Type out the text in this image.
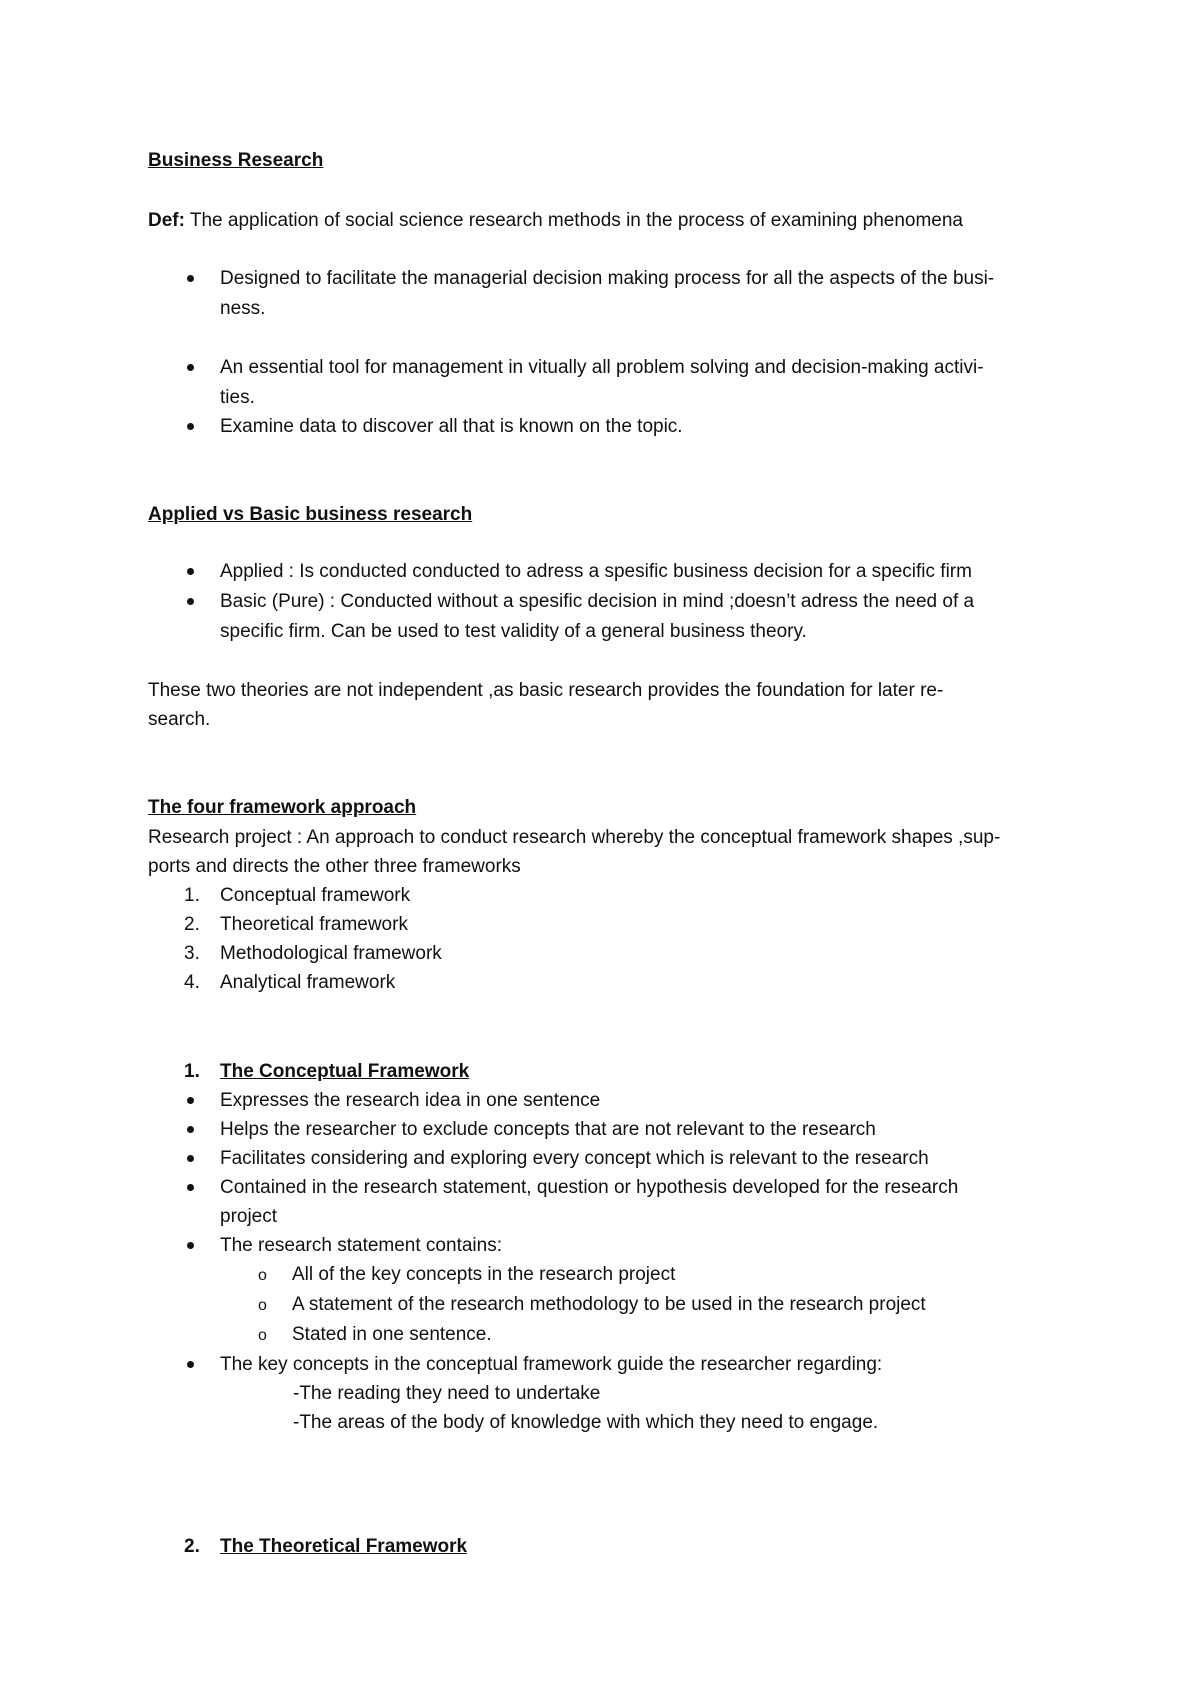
Business Research
Def: The application of social science research methods in the process of examining phenomena
Designed to facilitate the managerial decision making process for all the aspects of the busi-
ness.
An essential tool for management in vitually all problem solving and decision-making activi-
ties.
Examine data to discover all that is known on the topic.
Applied vs Basic business research
Applied : Is conducted conducted to adress a spesific business decision for a specific firm
Basic (Pure) : Conducted without a spesific decision in mind ;doesn’t adress the need of a
specific firm. Can be used to test validity of a general business theory.
These two theories are not independent ,as basic research provides the foundation for later re-
search.
The four framework approach
Research project : An approach to conduct research whereby the conceptual framework shapes ,sup-
ports and directs the other three frameworks
1. Conceptual framework
2. Theoretical framework
3. Methodological framework
4. Analytical framework
1. The Conceptual Framework
Expresses the research idea in one sentence
Helps the researcher to exclude concepts that are not relevant to the research
Facilitates considering and exploring every concept which is relevant to the research
Contained in the research statement, question or hypothesis developed for the research
project
The research statement contains:
o All of the key concepts in the research project
o A statement of the research methodology to be used in the research project
o Stated in one sentence.
The key concepts in the conceptual framework guide the researcher regarding:
-The reading they need to undertake
-The areas of the body of knowledge with which they need to engage.
2. The Theoretical Framework
